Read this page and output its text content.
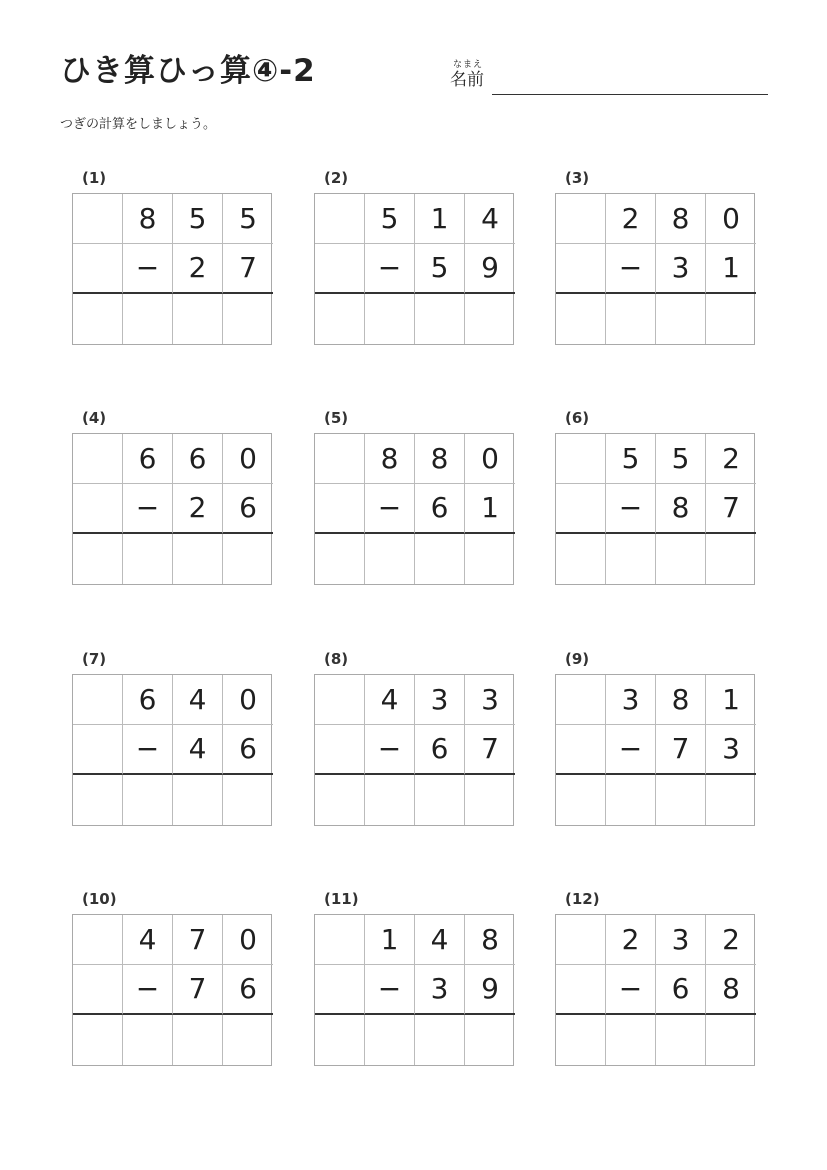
ひき算ひっ算④-2	なまえ
名前
つぎの計算をしましょう。
(1)
8	5	5
−	2	7
(2)
5	1	4
−	5	9
(3)
2	8	0
−	3	1
(4)
6	6	0
−	2	6
(5)
8	8	0
−	6	1
(6)
5	5	2
−	8	7
(7)
6	4	0
−	4	6
(8)
4	3	3
−	6	7
(9)
3	8	1
−	7	3
(10)
4	7	0
−	7	6
(11)
1	4	8
−	3	9
(12)
2	3	2
−	6	8
